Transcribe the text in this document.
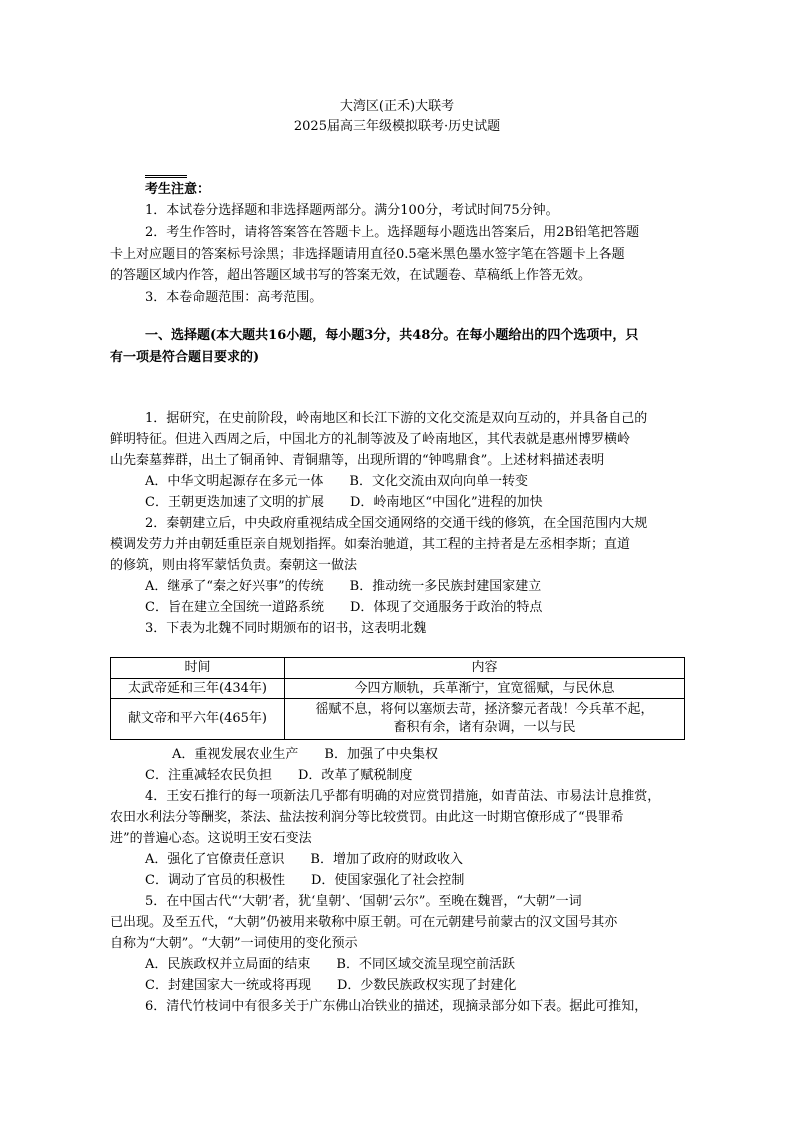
大湾区(正禾)大联考
2025届高三年级模拟联考·历史试题
考生注意：
1．本试卷分选择题和非选择题两部分。满分100分，考试时间75分钟。
2．考生作答时，请将答案答在答题卡上。选择题每小题选出答案后，用2B铅笔把答题
卡上对应题目的答案标号涂黑；非选择题请用直径0.5毫米黑色墨水签字笔在答题卡上各题
的答题区域内作答，超出答题区域书写的答案无效，在试题卷、草稿纸上作答无效。
3．本卷命题范围：高考范围。
一、选择题(本大题共16小题，每小题3分，共48分。在每小题给出的四个选项中，只
有一项是符合题目要求的)
1．据研究，在史前阶段，岭南地区和长江下游的文化交流是双向互动的，并具备自己的
鲜明特征。但进入西周之后，中国北方的礼制等波及了岭南地区，其代表就是惠州博罗横岭
山先秦墓葬群，出土了铜甬钟、青铜鼎等，出现所谓的“钟鸣鼎食”。上述材料描述表明
A．中华文明起源存在多元一体　　B．文化交流由双向向单一转变
C．王朝更迭加速了文明的扩展　　D．岭南地区“中国化”进程的加快
2．秦朝建立后，中央政府重视结成全国交通网络的交通干线的修筑，在全国范围内大规
模调发劳力并由朝廷重臣亲自规划指挥。如秦治驰道，其工程的主持者是左丞相李斯；直道
的修筑，则由将军蒙恬负责。秦朝这一做法
A．继承了“秦之好兴事”的传统　　B．推动统一多民族封建国家建立
C．旨在建立全国统一道路系统　　D．体现了交通服务于政治的特点
3．下表为北魏不同时期颁布的诏书，这表明北魏
时间	内容
太武帝延和三年(434年)	今四方顺轨，兵革渐宁，宜宽徭赋，与民休息
献文帝和平六年(465年)	徭赋不息，将何以塞烦去苛，拯济黎元者哉！今兵革不起，
畜积有余，诸有杂调，一以与民
A．重视发展农业生产　　B．加强了中央集权
C．注重减轻农民负担　　D．改革了赋税制度
4．王安石推行的每一项新法几乎都有明确的对应赏罚措施，如青苗法、市易法计息推赏，
农田水利法分等酬奖，茶法、盐法按利润分等比较赏罚。由此这一时期官僚形成了“畏罪希
进”的普遍心态。这说明王安石变法
A．强化了官僚责任意识　　B．增加了政府的财政收入
C．调动了官员的积极性　　D．使国家强化了社会控制
5．在中国古代“‘大朝’者，犹‘皇朝’、‘国朝’云尔”。至晚在魏晋，“大朝”一词
已出现。及至五代，“大朝”仍被用来敬称中原王朝。可在元朝建号前蒙古的汉文国号其亦
自称为“大朝”。“大朝”一词使用的变化预示
A．民族政权并立局面的结束　　B．不同区域交流呈现空前活跃
C．封建国家大一统或将再现　　D．少数民族政权实现了封建化
6．清代竹枝词中有很多关于广东佛山冶铁业的描述，现摘录部分如下表。据此可推知，
